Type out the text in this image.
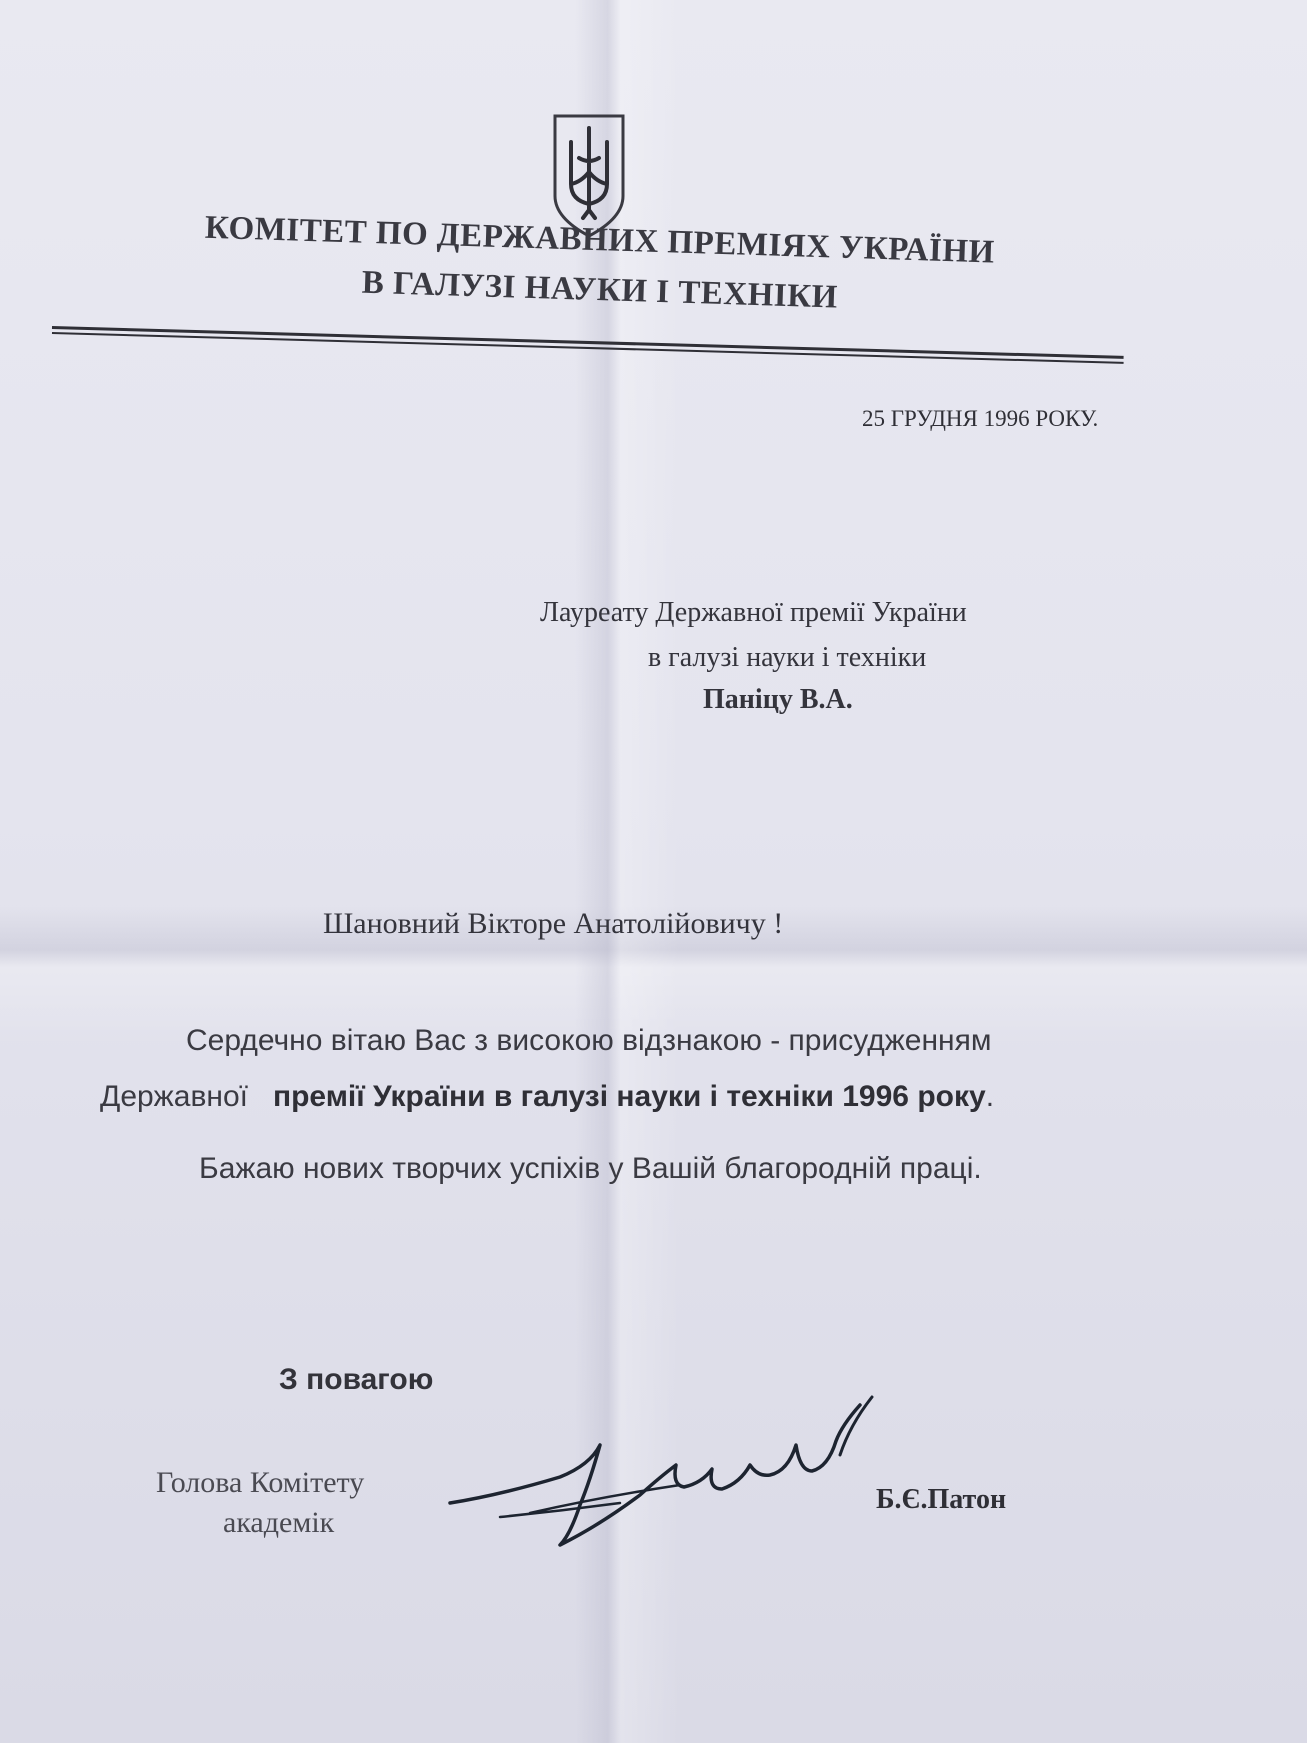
КОМІТЕТ ПО ДЕРЖАВНИХ ПРЕМІЯХ УКРАЇНИ
В ГАЛУЗІ НАУКИ І ТЕХНІКИ
25 ГРУДНЯ 1996 РОКУ.
Лауреату Державної премії України
в галузі науки і техніки
Паніцу В.А.
Шановний Вікторе Анатолійовичу !
Сердечно вітаю Вас з високою відзнакою - присудженням
Державної премії України в галузі науки і техніки 1996 року.
Бажаю нових творчих успіхів у Вашій благородній праці.
З повагою
Голова Комітету
академік
Б.Є.Патон
